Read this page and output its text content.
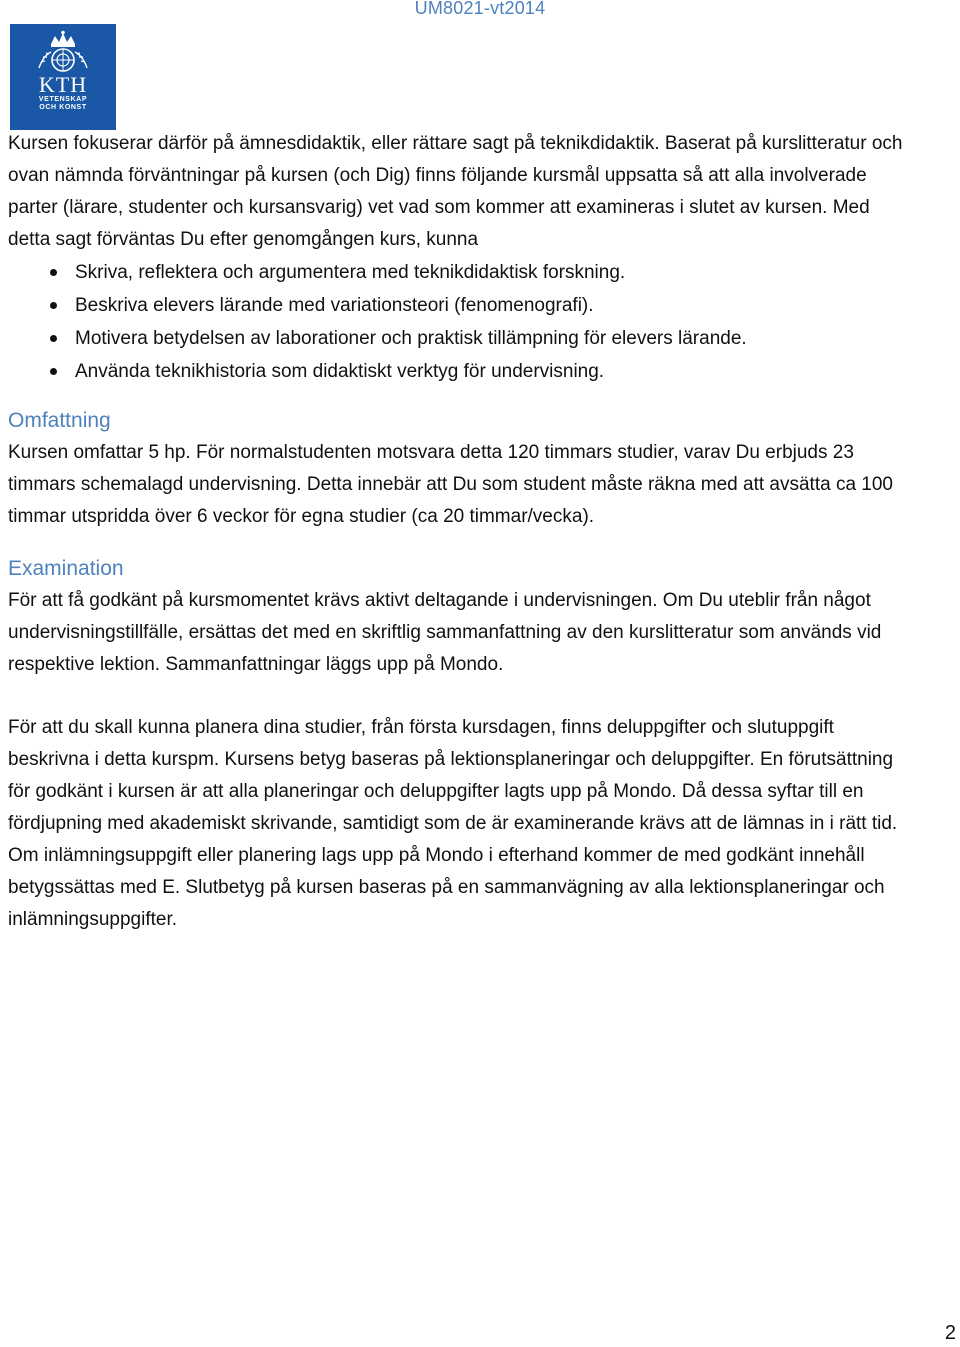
UM8021-vt2014
KTH
VETENSKAP
OCH KONST

Kursen fokuserar därför på ämnesdidaktik, eller rättare sagt på teknikdidaktik. Baserat på kurslitteratur och ovan nämnda förväntningar på kursen (och Dig) finns följande kursmål uppsatta så att alla involverade parter (lärare, studenter och kursansvarig) vet vad som kommer att examineras i slutet av kursen. Med detta sagt förväntas Du efter genomgången kurs, kunna

Skriva, reflektera och argumentera med teknikdidaktisk forskning.
Beskriva elevers lärande med variationsteori (fenomenografi).
Motivera betydelsen av laborationer och praktisk tillämpning för elevers lärande.
Använda teknikhistoria som didaktiskt verktyg för undervisning.
Omfattning

Kursen omfattar 5 hp. För normalstudenten motsvara detta 120 timmars studier, varav Du erbjuds 23 timmars schemalagd undervisning. Detta innebär att Du som student måste räkna med att avsätta ca 100 timmar utspridda över 6 veckor för egna studier (ca 20 timmar/vecka).

Examination

För att få godkänt på kursmomentet krävs aktivt deltagande i undervisningen. Om Du uteblir från något undervisningstillfälle, ersättas det med en skriftlig sammanfattning av den kurslitteratur som används vid respektive lektion. Sammanfattningar läggs upp på Mondo.

För att du skall kunna planera dina studier, från första kursdagen, finns deluppgifter och slutuppgift beskrivna i detta kurspm. Kursens betyg baseras på lektionsplaneringar och deluppgifter. En förutsättning för godkänt i kursen är att alla planeringar och deluppgifter lagts upp på Mondo. Då dessa syftar till en fördjupning med akademiskt skrivande, samtidigt som de är examinerande krävs att de lämnas in i rätt tid. Om inlämningsuppgift eller planering lags upp på Mondo i efterhand kommer de med godkänt innehåll betygssättas med E. Slutbetyg på kursen baseras på en sammanvägning av alla lektionsplaneringar och inlämningsuppgifter.

2
